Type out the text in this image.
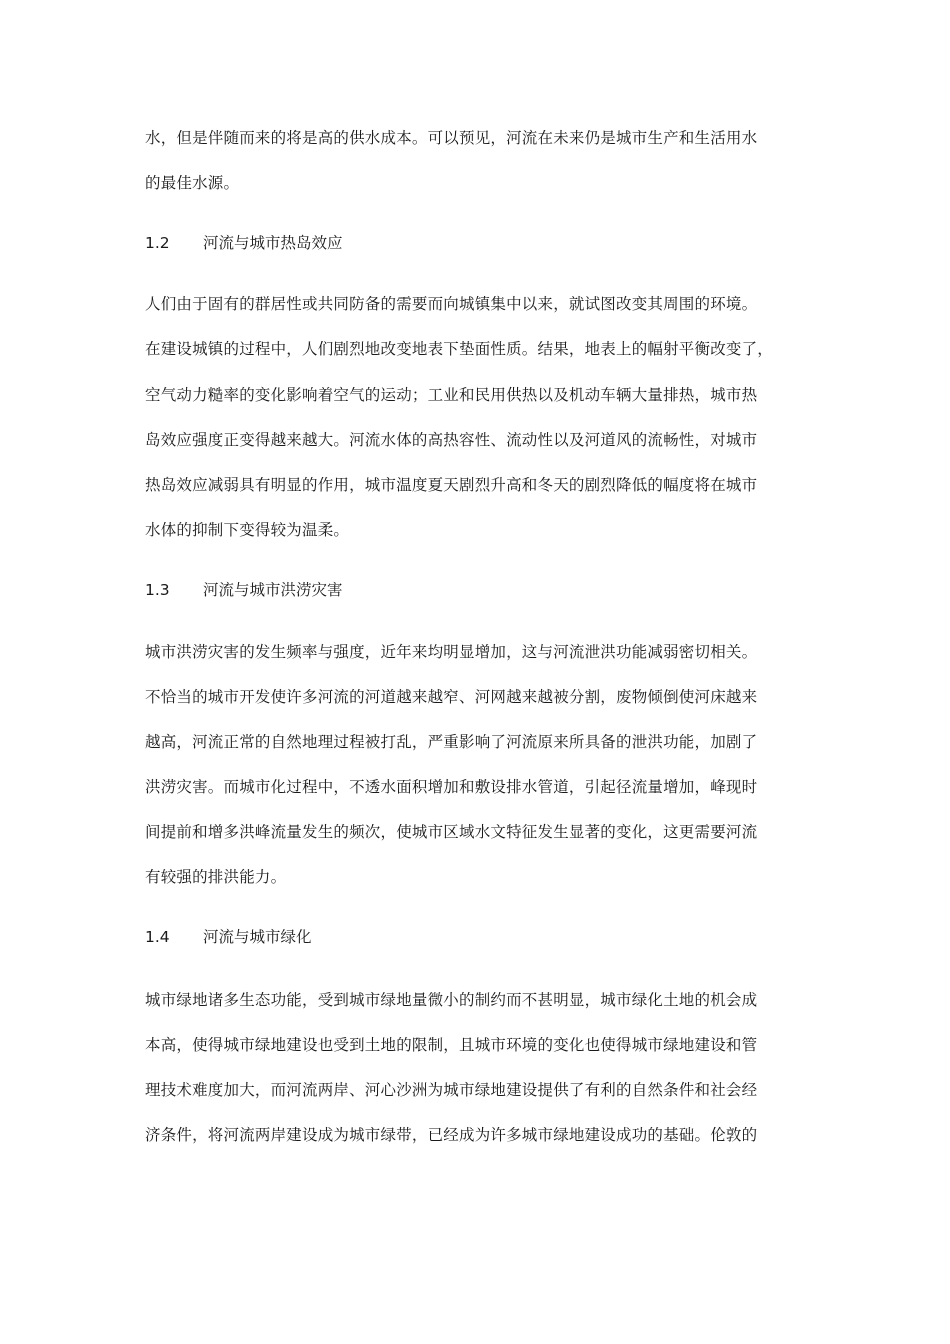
水，但是伴随而来的将是高的供水成本。可以预见，河流在未来仍是城市生产和生活用水
的最佳水源。
1.2 河流与城市热岛效应
人们由于固有的群居性或共同防备的需要而向城镇集中以来，就试图改变其周围的环境。
在建设城镇的过程中，人们剧烈地改变地表下垫面性质。结果，地表上的幅射平衡改变了，
空气动力糙率的变化影响着空气的运动；工业和民用供热以及机动车辆大量排热，城市热
岛效应强度正变得越来越大。河流水体的高热容性、流动性以及河道风的流畅性，对城市
热岛效应减弱具有明显的作用，城市温度夏天剧烈升高和冬天的剧烈降低的幅度将在城市
水体的抑制下变得较为温柔。
1.3 河流与城市洪涝灾害
城市洪涝灾害的发生频率与强度，近年来均明显增加，这与河流泄洪功能减弱密切相关。
不恰当的城市开发使许多河流的河道越来越窄、河网越来越被分割，废物倾倒使河床越来
越高，河流正常的自然地理过程被打乱，严重影响了河流原来所具备的泄洪功能，加剧了
洪涝灾害。而城市化过程中，不透水面积增加和敷设排水管道，引起径流量增加，峰现时
间提前和增多洪峰流量发生的频次，使城市区域水文特征发生显著的变化，这更需要河流
有较强的排洪能力。
1.4 河流与城市绿化
城市绿地诸多生态功能，受到城市绿地量微小的制约而不甚明显，城市绿化土地的机会成
本高，使得城市绿地建设也受到土地的限制，且城市环境的变化也使得城市绿地建设和管
理技术难度加大，而河流两岸、河心沙洲为城市绿地建设提供了有利的自然条件和社会经
济条件，将河流两岸建设成为城市绿带，已经成为许多城市绿地建设成功的基础。伦敦的
